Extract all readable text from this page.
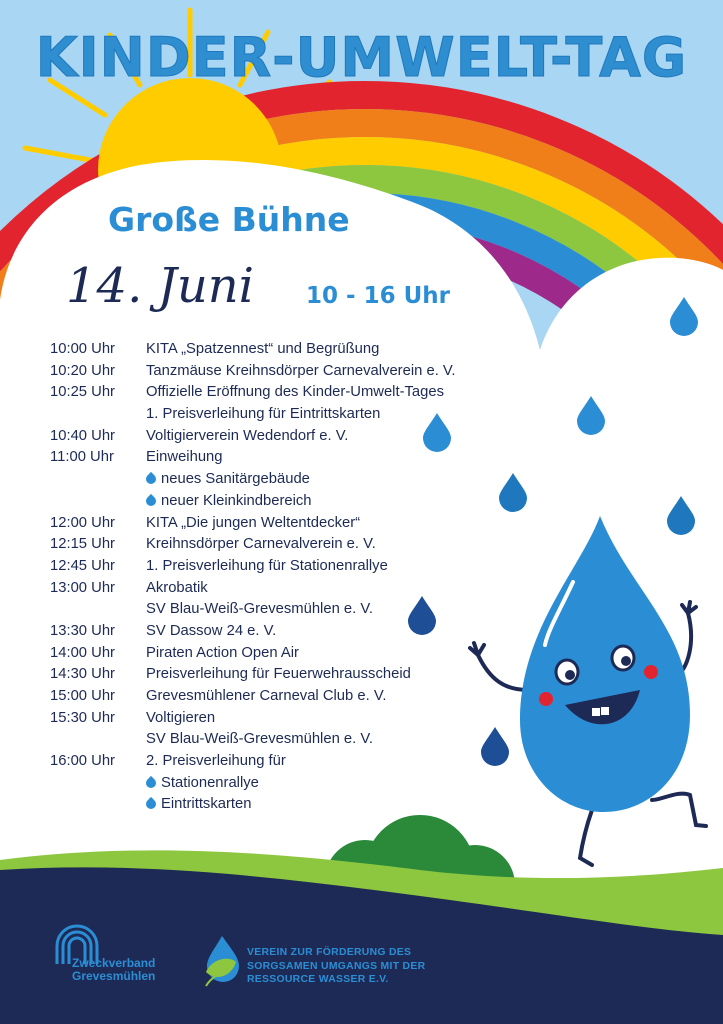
KINDER-UMWELT-TAG
Große Bühne
14. Juni 10 - 16 Uhr
10:00 Uhr KITA „Spatzennest“ und Begrüßung
10:20 Uhr Tanzmäuse Kreihnsdörper Carnevalverein e. V.
10:25 Uhr Offizielle Eröffnung des Kinder-Umwelt-Tages
1. Preisverleihung für Eintrittskarten
10:40 Uhr Voltigierverein Wedendorf e. V.
11:00 Uhr Einweihung
neues Sanitärgebäude
neuer Kleinkindbereich
12:00 Uhr KITA „Die jungen Weltentdecker“
12:15 Uhr Kreihnsdörper Carnevalverein e. V.
12:45 Uhr 1. Preisverleihung für Stationenrallye
13:00 Uhr Akrobatik
SV Blau-Weiß-Grevesmühlen e. V.
13:30 Uhr SV Dassow 24 e. V.
14:00 Uhr Piraten Action Open Air
14:30 Uhr Preisverleihung für Feuerwehrausscheid
15:00 Uhr Grevesmühlener Carneval Club e. V.
15:30 Uhr Voltigieren
SV Blau-Weiß-Grevesmühlen e. V.
16:00 Uhr 2. Preisverleihung für
Stationenrallye
Eintrittskarten
Zweckverband
Grevesmühlen
VEREIN ZUR FÖRDERUNG DES
SORGSAMEN UMGANGS MIT DER
RESSOURCE WASSER E.V.
